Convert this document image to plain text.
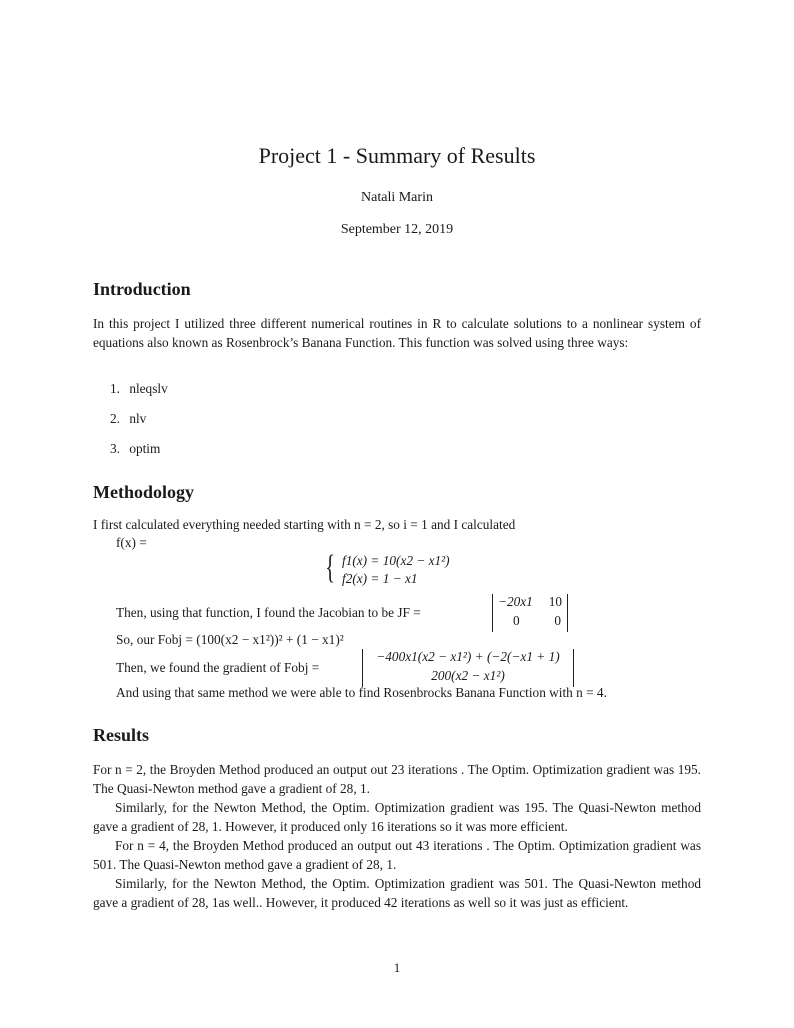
Project 1 - Summary of Results
Natali Marin
September 12, 2019
Introduction
In this project I utilized three different numerical routines in R to calculate solutions to a nonlinear system of equations also known as Rosenbrock’s Banana Function. This function was solved using three ways:
1. nleqslv
2. nlv
3. optim
Methodology
I first calculated everything needed starting with n = 2, so i = 1 and I calculated
f(x) =
{ f1(x) = 10(x2 − x1²)
f2(x) = 1 − x1
Then, using that function, I found the Jacobian to be JF =
−20x1 10
0	0
So, our Fobj = (100(x2 − x1²))² + (1 − x1)²
Then, we found the gradient of Fobj =
−400x1(x2 − x1²) + (−2(−x1 + 1)
200(x2 − x1²)
And using that same method we were able to find Rosenbrocks Banana Function with n = 4.
Results
For n = 2, the Broyden Method produced an output out 23 iterations . The Optim. Optimization gradient was 195. The Quasi-Newton method gave a gradient of 28, 1.
Similarly, for the Newton Method, the Optim. Optimization gradient was 195. The Quasi-Newton method gave a gradient of 28, 1. However, it produced only 16 iterations so it was more efficient.
For n = 4, the Broyden Method produced an output out 43 iterations . The Optim. Optimization gradient was 501. The Quasi-Newton method gave a gradient of 28, 1.
Similarly, for the Newton Method, the Optim. Optimization gradient was 501. The Quasi-Newton method gave a gradient of 28, 1as well.. However, it produced 42 iterations as well so it was just as efficient.
1
